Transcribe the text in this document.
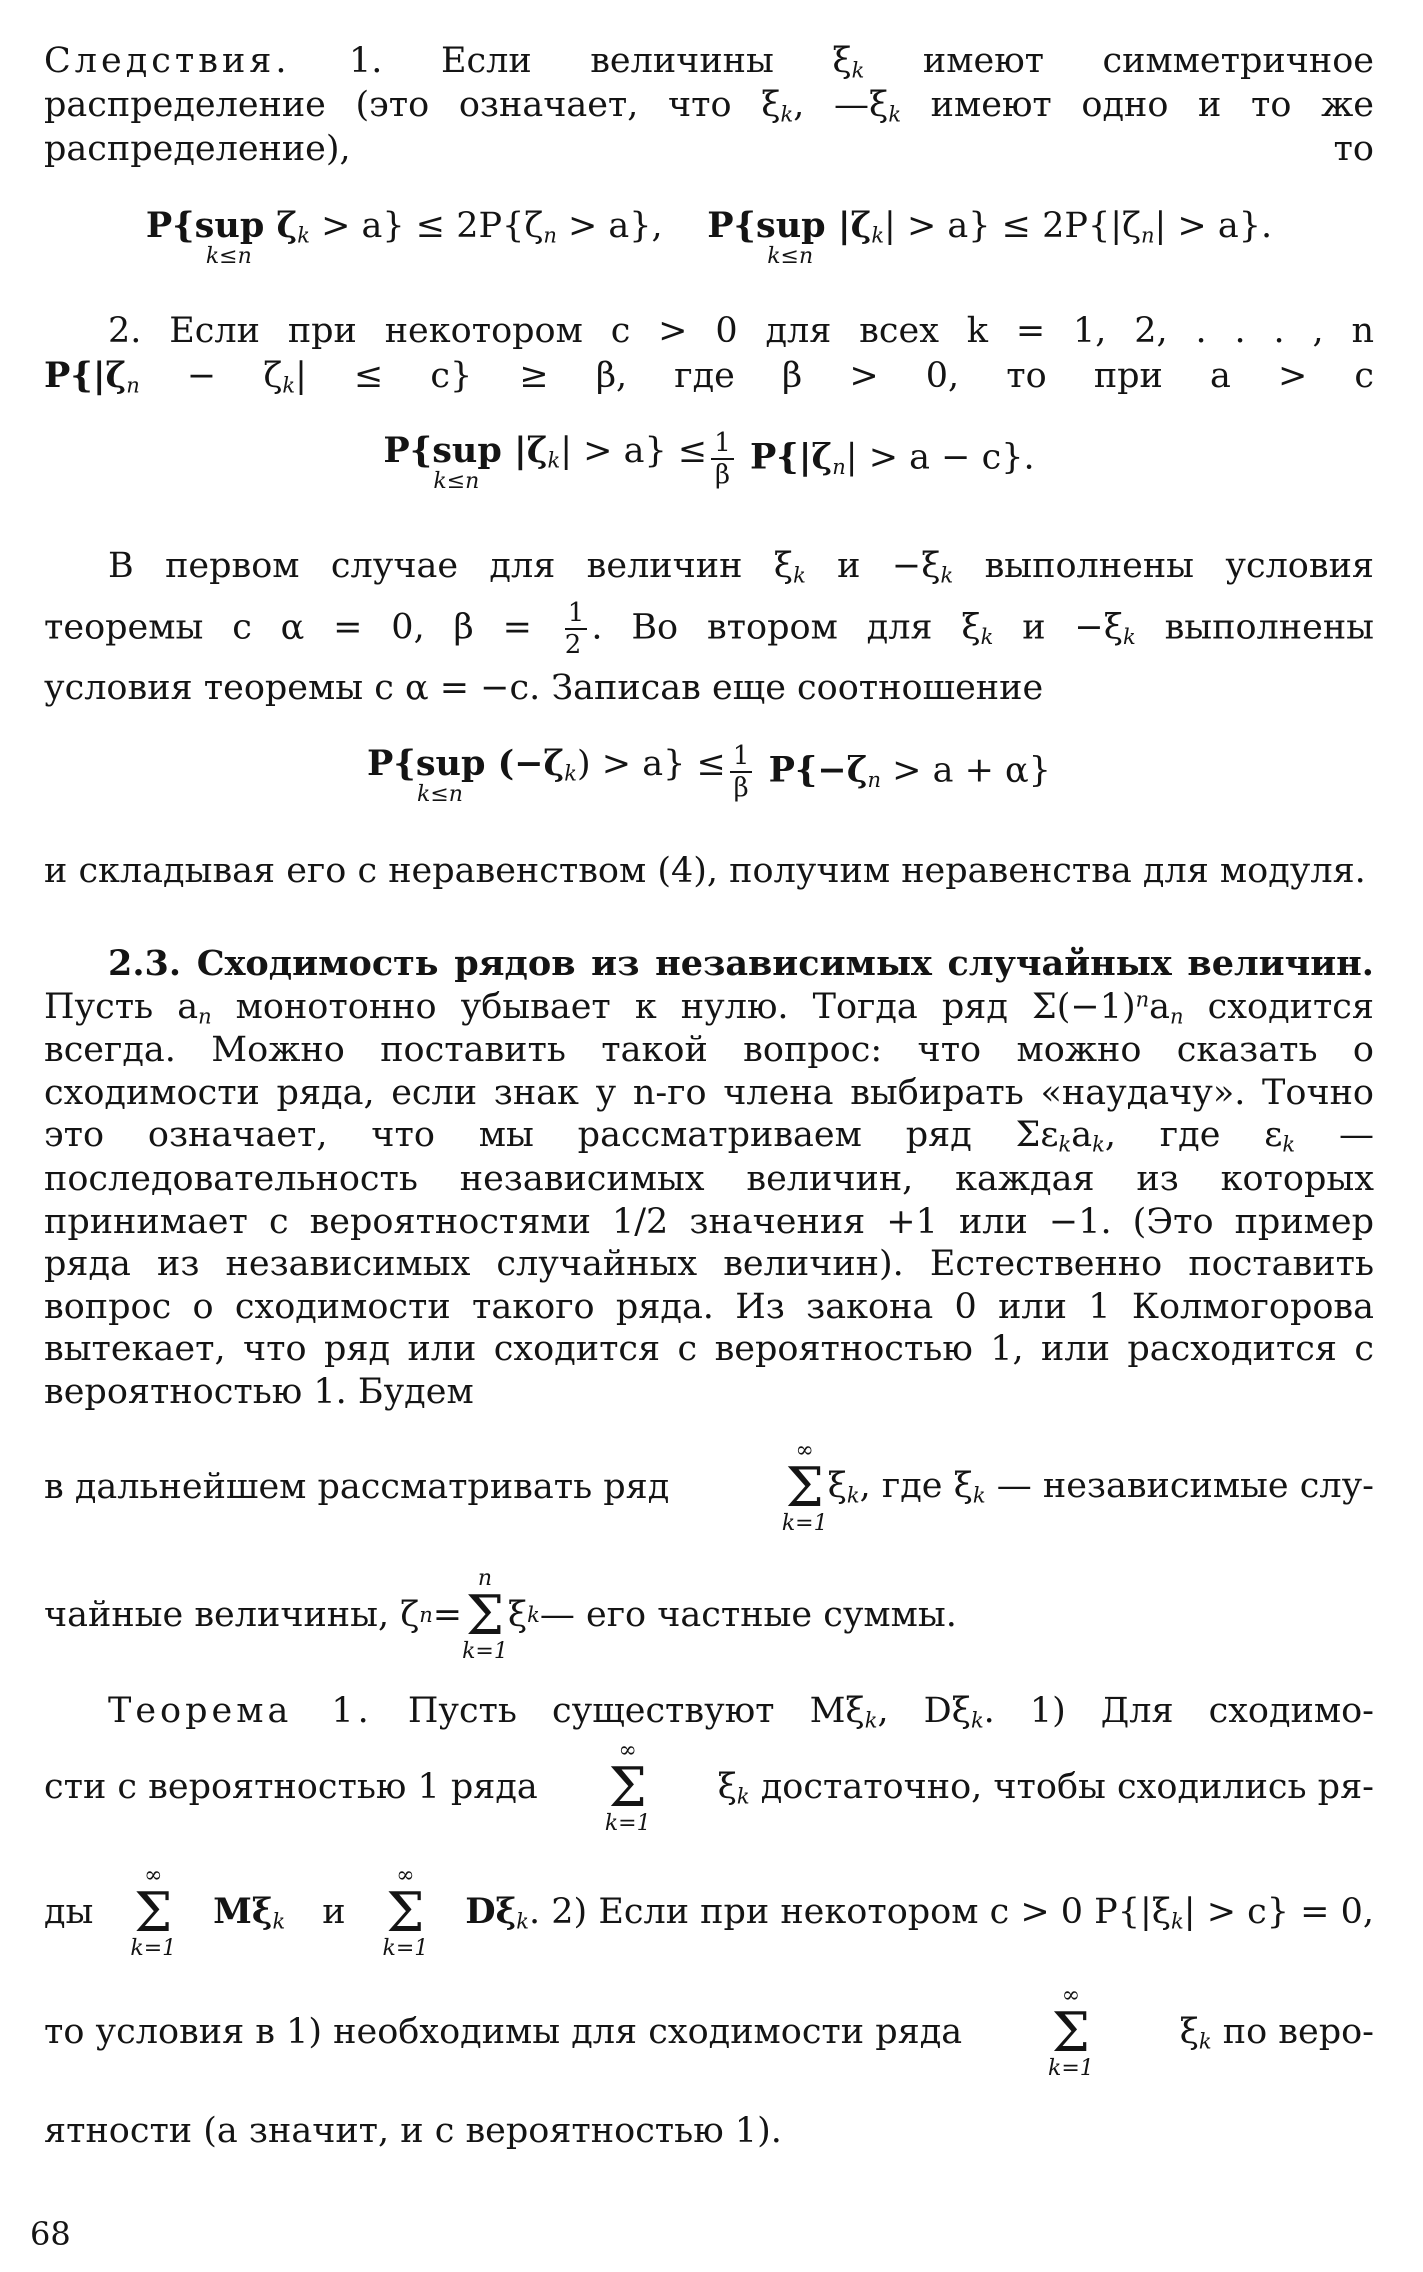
Следствия. 1. Если величины $\xi_k$ имеют симметричное распределение (это означает, что $\xi_k$, $—\xi_k$ имеют одно и то же распределение), то

P{sup $\zeta_k > a\} \le 2P\{\zeta_n > a\}$,
k≤n

P{sup $|\zeta_k| > a\} \le 2P\{|\zeta_n| > a\}$.
k≤n

2. Если при некотором c > 0 для всех k = 1, 2, . . . , n

$P\{|\zeta_n - \zeta_k| \le c\} \ge \beta$, где β > 0, то при a > c

P{sup $|\zeta_k| > a$} ≤
k≤n	$\frac{1}{\beta} P\{|\zeta_n| > a - c\}$.

В первом случае для величин $\xi_k$ $и -\xi_k$ выполнены условия

теоремы с α = 0, $\beta = \frac{1}{2}$ . Во втором для $\xi_k$ $и -\xi_k$ выполнены

условия теоремы с α = −c. Записав еще соотношение

P{sup $(-\zeta_k) > a$} ≤
k≤n	$\frac{1}{\beta} P\{-\zeta_n > a + \alpha\}$

и складывая его с неравенством (4), получим неравенства для модуля.

2.3. Сходимость рядов из независимых случайных величин. Пусть $a_n$ монотонно убывает к нулю. Тогда ряд $\Sigma(-1)^na_n$ сходится всегда. Можно поставить такой вопрос: что можно сказать о сходимости ряда, если знак у n-го члена выбирать «наудачу». Точно это означает, что мы рассматриваем ряд $\Sigma\varepsilon_ka_k$, где $\varepsilon_k$ — последовательность независимых величин, каждая из которых принимает с вероятностями 1/2 значения +1 или −1. (Это пример ряда из независимых случайных величин). Естественно поставить вопрос о сходимости такого ряда. Из закона 0 или 1 Колмогорова вытекает, что ряд или сходится с вероятностью 1, или расходится с вероятностью 1. Будем

в дальнейшем рассматривать ряд
∞
Σ
k=1
$\xi_k$, где $\xi_k$ — независимые слу-
чайные величины, ζ n =
n
Σ
k=1
ξ k — его частные суммы.

Теорема 1. Пусть существуют $M\xi_k$, $D\xi_k$. 1) Для сходимо-

сти с вероятностью 1 ряда
∞
Σ
k=1
$\xi_k$ достаточно, чтобы сходились ря-
ды
∞
Σ
k=1
$M\xi_k$ и
∞
Σ
k=1
$D\xi_k$. 2) Если при некотором c > 0 $P\{|\xi_k| > c\} = 0$,
то условия в 1) необходимы для сходимости ряда
∞
Σ
k=1
$\xi_k$ по веро-

ятности (а значит, и с вероятностью 1).

68
